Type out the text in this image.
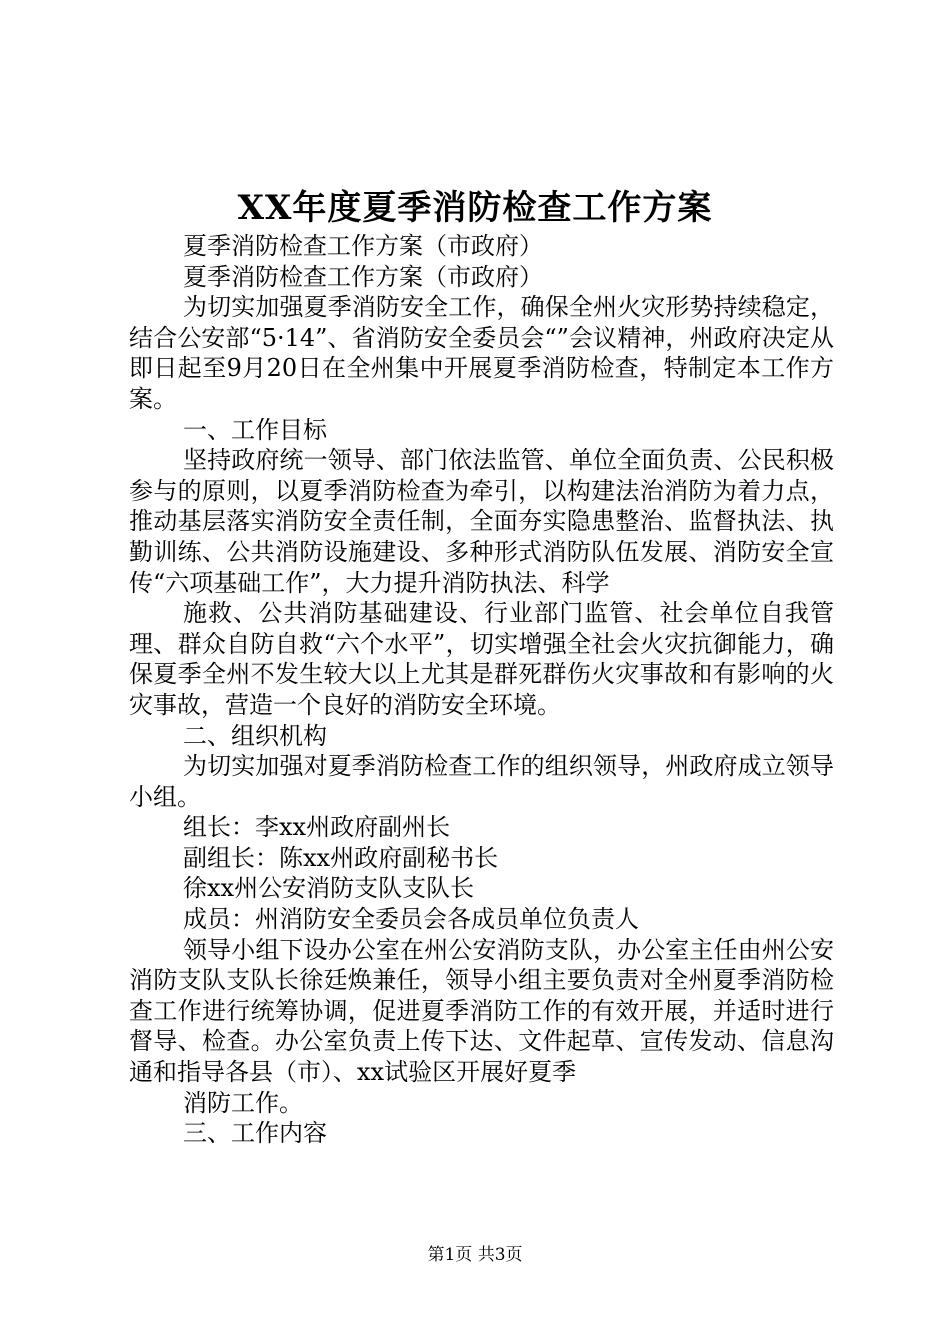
XX年度夏季消防检查工作方案

夏季消防检查工作方案（市政府）

夏季消防检查工作方案（市政府）

为切实加强夏季消防安全工作，确保全州火灾形势持续稳定，结合公安部“5·14”、省消防安全委员会“”会议精神，州政府决定从即日起至9月20日在全州集中开展夏季消防检查，特制定本工作方案。

一、工作目标

坚持政府统一领导、部门依法监管、单位全面负责、公民积极参与的原则，以夏季消防检查为牵引，以构建法治消防为着力点，推动基层落实消防安全责任制，全面夯实隐患整治、监督执法、执勤训练、公共消防设施建设、多种形式消防队伍发展、消防安全宣传“六项基础工作”，大力提升消防执法、科学

施救、公共消防基础建设、行业部门监管、社会单位自我管理、群众自防自救“六个水平”，切实增强全社会火灾抗御能力，确保夏季全州不发生较大以上尤其是群死群伤火灾事故和有影响的火灾事故，营造一个良好的消防安全环境。

二、组织机构

为切实加强对夏季消防检查工作的组织领导，州政府成立领导小组。

组长：李xx州政府副州长

副组长：陈xx州政府副秘书长

徐xx州公安消防支队支队长

成员：州消防安全委员会各成员单位负责人

领导小组下设办公室在州公安消防支队，办公室主任由州公安消防支队支队长徐廷焕兼任，领导小组主要负责对全州夏季消防检查工作进行统筹协调，促进夏季消防工作的有效开展，并适时进行督导、检查。办公室负责上传下达、文件起草、宣传发动、信息沟通和指导各县（市）、xx试验区开展好夏季

消防工作。

三、工作内容

第1页 共3页
